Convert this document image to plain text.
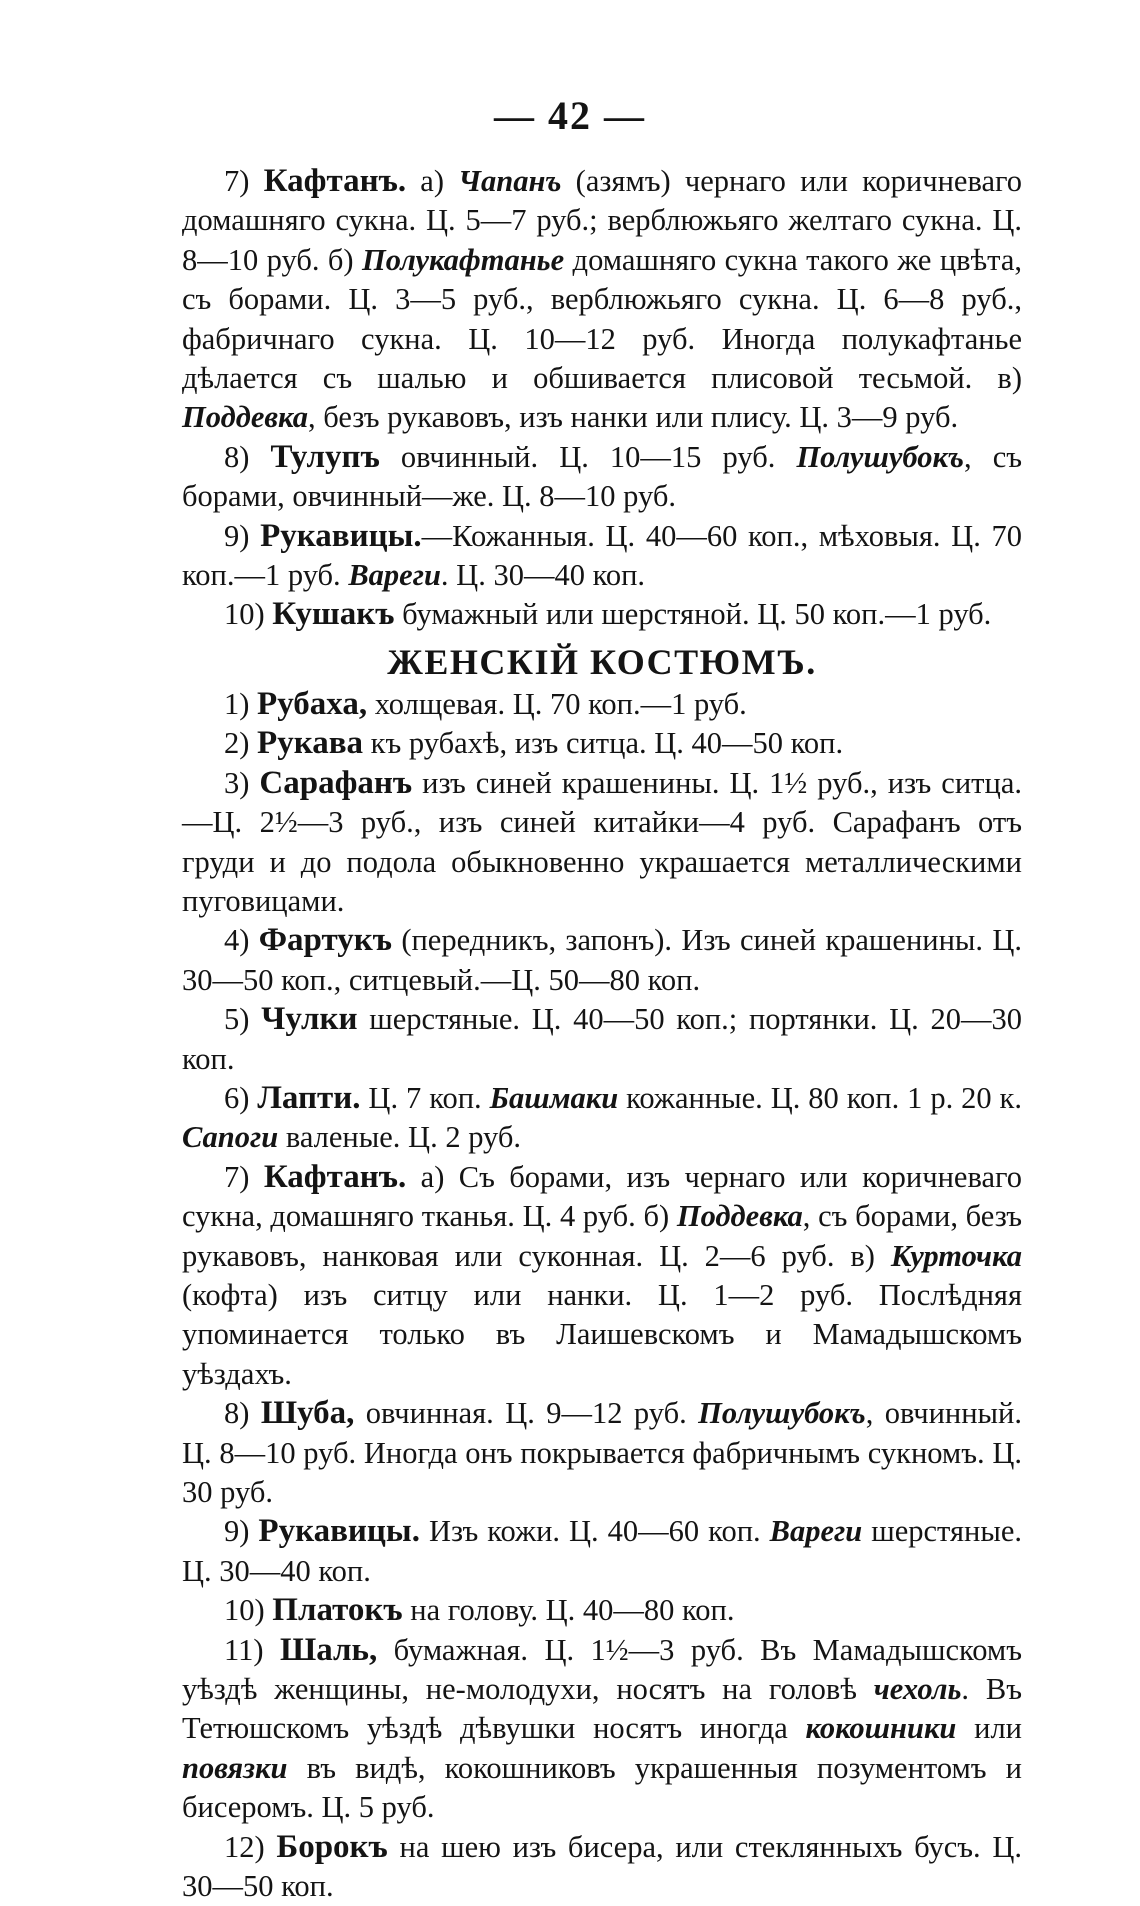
— 42 —

7) Кафтанъ. а) Чапанъ (азямъ) чернаго или коричневаго домашняго сукна. Ц. 5—7 руб.; верблюжьяго желтаго сукна. Ц. 8—10 руб. б) Полукафтанье домашняго сукна такого же цвѣта, съ борами. Ц. 3—5 руб., верблюжьяго сукна. Ц. 6—8 руб., фабричнаго сукна. Ц. 10—12 руб. Иногда полукафтанье дѣлается съ шалью и обшивается плисовой тесьмой. в) Поддевка, безъ рукавовъ, изъ нанки или плису. Ц. 3—9 руб.

8) Тулупъ овчинный. Ц. 10—15 руб. Полушубокъ, съ борами, овчинный—же. Ц. 8—10 руб.

9) Рукавицы.—Кожанныя. Ц. 40—60 коп., мѣховыя. Ц. 70 коп.—1 руб. Вареги. Ц. 30—40 коп.

10) Кушакъ бумажный или шерстяной. Ц. 50 коп.—1 руб.

ЖЕНСКІЙ КОСТЮМЪ.

1) Рубаха, холщевая. Ц. 70 коп.—1 руб.

2) Рукава къ рубахѣ, изъ ситца. Ц. 40—50 коп.

3) Сарафанъ изъ синей крашенины. Ц. 1½ руб., изъ ситца.—Ц. 2½—3 руб., изъ синей китайки—4 руб. Сарафанъ отъ груди и до подола обыкновенно украшается металлическими пуговицами.

4) Фартукъ (передникъ, запонъ). Изъ синей крашенины. Ц. 30—50 коп., ситцевый.—Ц. 50—80 коп.

5) Чулки шерстяные. Ц. 40—50 коп.; портянки. Ц. 20—30 коп.

6) Лапти. Ц. 7 коп. Башмаки кожанные. Ц. 80 коп. 1 р. 20 к. Сапоги валеные. Ц. 2 руб.

7) Кафтанъ. а) Съ борами, изъ чернаго или коричневаго сукна, домашняго тканья. Ц. 4 руб. б) Поддевка, съ борами, безъ рукавовъ, нанковая или суконная. Ц. 2—6 руб. в) Курточка (кофта) изъ ситцу или нанки. Ц. 1—2 руб. Послѣдняя упоминается только въ Лаишевскомъ и Мамадышскомъ уѣздахъ.

8) Шуба, овчинная. Ц. 9—12 руб. Полушубокъ, овчинный. Ц. 8—10 руб. Иногда онъ покрывается фабричнымъ сукномъ. Ц. 30 руб.

9) Рукавицы. Изъ кожи. Ц. 40—60 коп. Вареги шерстяные. Ц. 30—40 коп.

10) Платокъ на голову. Ц. 40—80 коп.

11) Шаль, бумажная. Ц. 1½—3 руб. Въ Мамадышскомъ уѣздѣ женщины, не-молодухи, носятъ на головѣ чехоль. Въ Тетюшскомъ уѣздѣ дѣвушки носятъ иногда кокошники или повязки въ видѣ, кокошниковъ украшенныя позументомъ и бисеромъ. Ц. 5 руб.

12) Борокъ на шею изъ бисера, или стеклянныхъ бусъ. Ц. 30—50 коп.
